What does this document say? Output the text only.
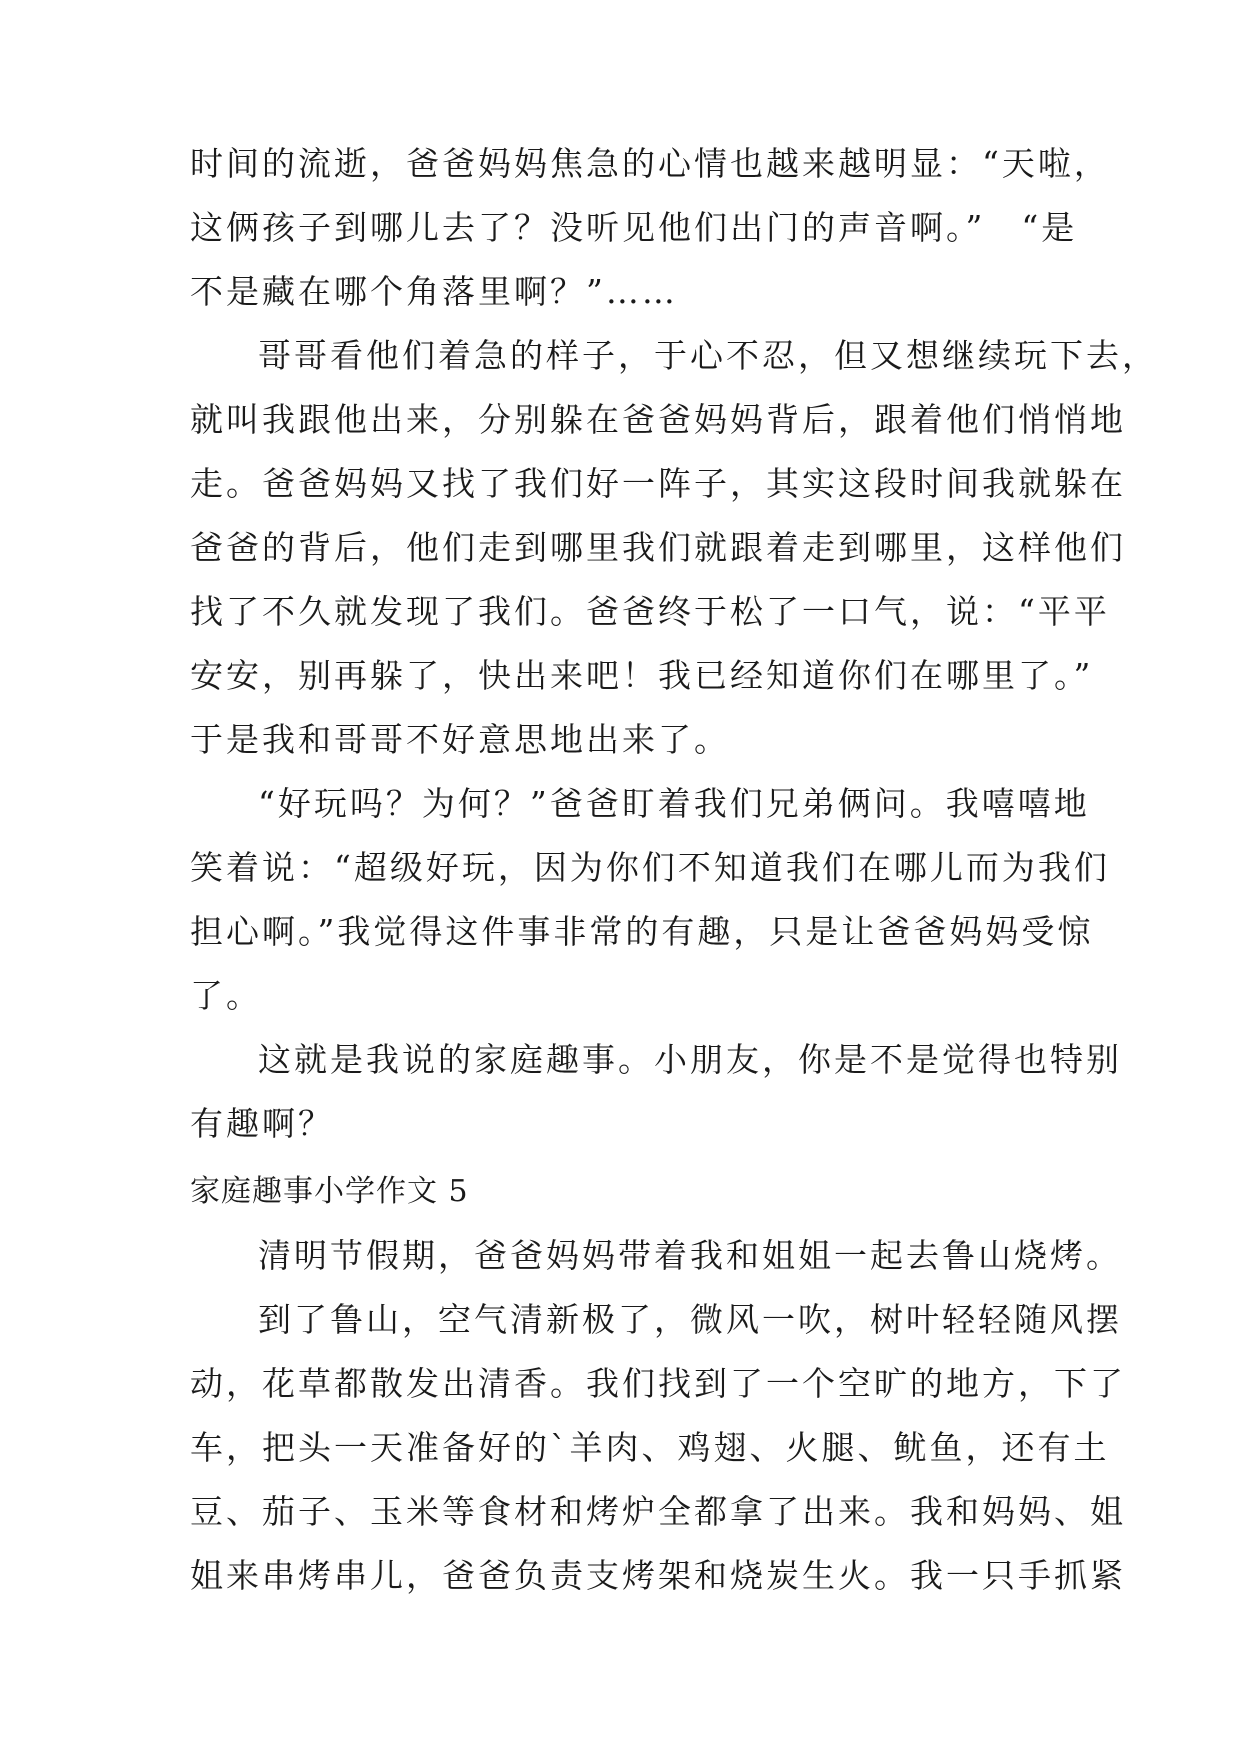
时间的流逝，爸爸妈妈焦急的心情也越来越明显：“天啦，
这俩孩子到哪儿去了？没听见他们出门的声音啊。”　“是
不是藏在哪个角落里啊？”……
哥哥看他们着急的样子，于心不忍，但又想继续玩下去，
就叫我跟他出来，分别躲在爸爸妈妈背后，跟着他们悄悄地
走。爸爸妈妈又找了我们好一阵子，其实这段时间我就躲在
爸爸的背后，他们走到哪里我们就跟着走到哪里，这样他们
找了不久就发现了我们。爸爸终于松了一口气，说：“平平
安安，别再躲了，快出来吧！我已经知道你们在哪里了。”
于是我和哥哥不好意思地出来了。
“好玩吗？为何？”爸爸盯着我们兄弟俩问。我嘻嘻地
笑着说：“超级好玩，因为你们不知道我们在哪儿而为我们
担心啊。”我觉得这件事非常的有趣，只是让爸爸妈妈受惊
了。
这就是我说的家庭趣事。小朋友，你是不是觉得也特别
有趣啊？
家庭趣事小学作文 5
清明节假期，爸爸妈妈带着我和姐姐一起去鲁山烧烤。
到了鲁山，空气清新极了，微风一吹，树叶轻轻随风摆
动，花草都散发出清香。我们找到了一个空旷的地方，下了
车，把头一天准备好的`羊肉、鸡翅、火腿、鱿鱼，还有土
豆、茄子、玉米等食材和烤炉全都拿了出来。我和妈妈、姐
姐来串烤串儿，爸爸负责支烤架和烧炭生火。我一只手抓紧
